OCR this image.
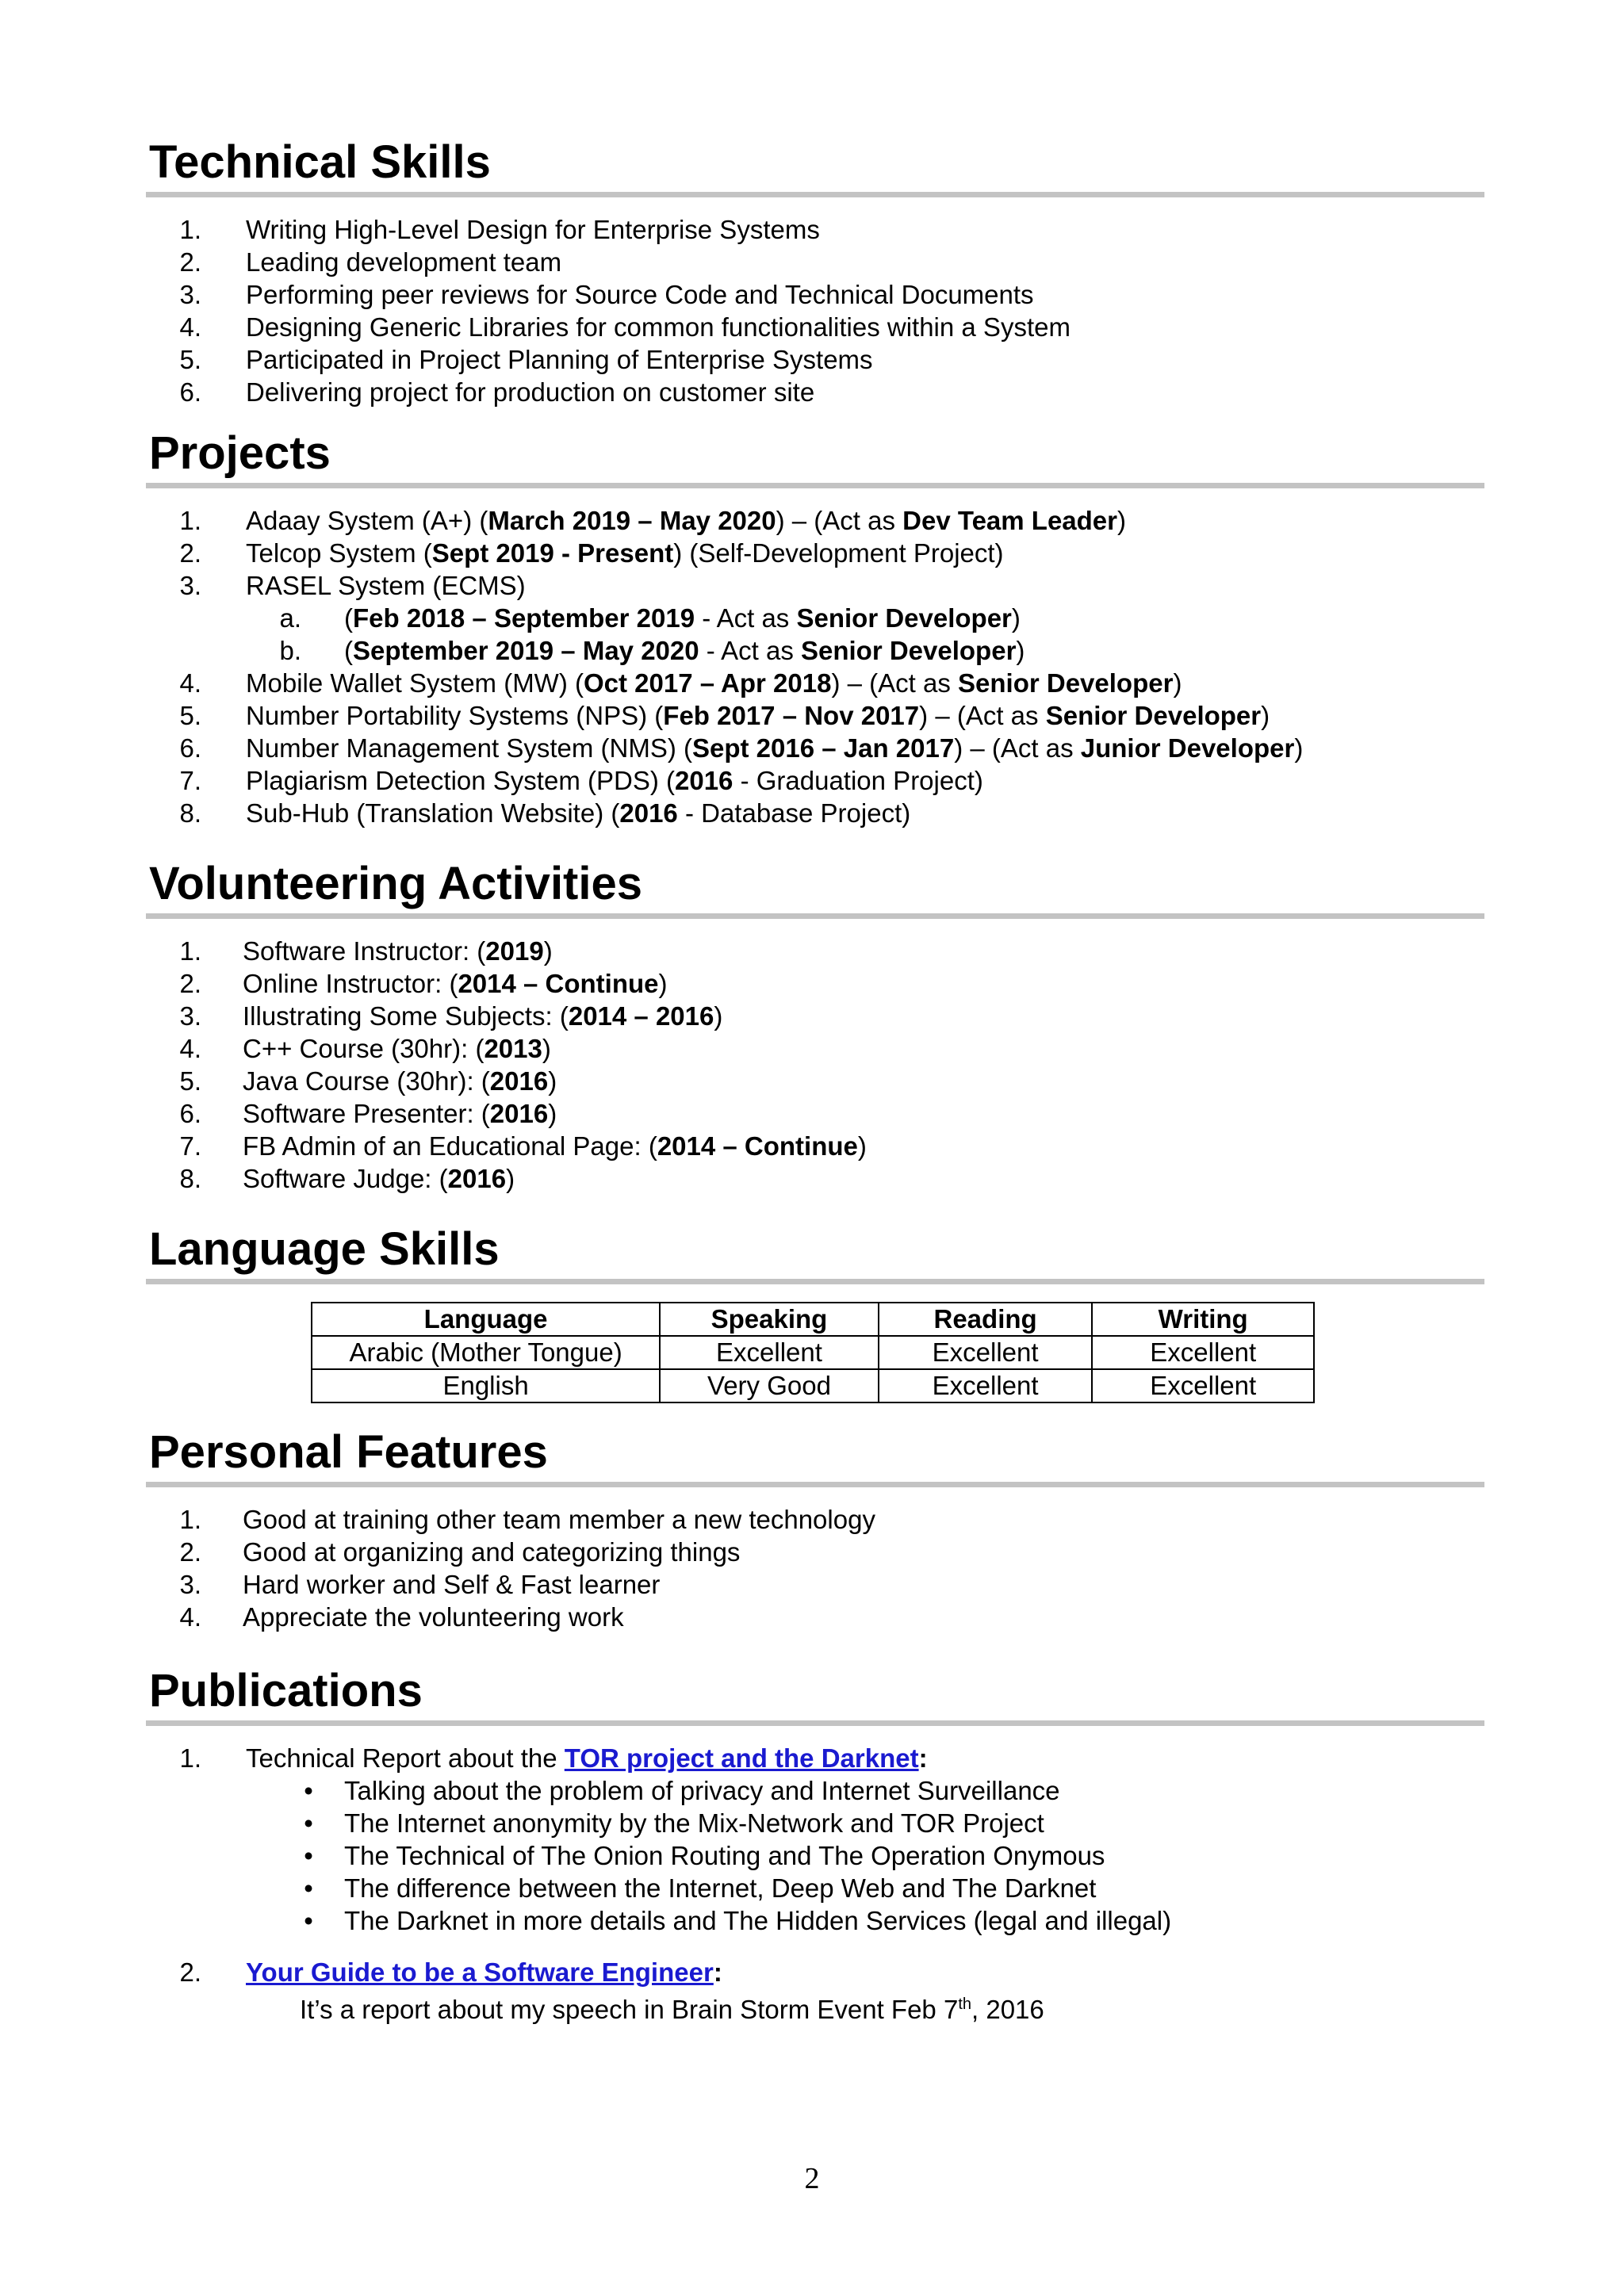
Technical Skills
1. Writing High-Level Design for Enterprise Systems
2. Leading development team
3. Performing peer reviews for Source Code and Technical Documents
4. Designing Generic Libraries for common functionalities within a System
5. Participated in Project Planning of Enterprise Systems
6. Delivering project for production on customer site
Projects
1. Adaay System (A+) (March 2019 – May 2020) – (Act as Dev Team Leader)
2. Telcop System (Sept 2019 - Present) (Self-Development Project)
3. RASEL System (ECMS)
a. (Feb 2018 – September 2019 - Act as Senior Developer)
b. (September 2019 – May 2020 - Act as Senior Developer)
4. Mobile Wallet System (MW) (Oct 2017 – Apr 2018) – (Act as Senior Developer)
5. Number Portability Systems (NPS) (Feb 2017 – Nov 2017) – (Act as Senior Developer)
6. Number Management System (NMS) (Sept 2016 – Jan 2017) – (Act as Junior Developer)
7. Plagiarism Detection System (PDS) (2016 - Graduation Project)
8. Sub-Hub (Translation Website) (2016 - Database Project)
Volunteering Activities
1. Software Instructor: (2019)
2. Online Instructor: (2014 – Continue)
3. Illustrating Some Subjects: (2014 – 2016)
4. C++ Course (30hr): (2013)
5. Java Course (30hr): (2016)
6. Software Presenter: (2016)
7. FB Admin of an Educational Page: (2014 – Continue)
8. Software Judge: (2016)
Language Skills
Language	Speaking	Reading	Writing
Arabic (Mother Tongue)	Excellent	Excellent	Excellent
English	Very Good	Excellent	Excellent
Personal Features
1. Good at training other team member a new technology
2. Good at organizing and categorizing things
3. Hard worker and Self & Fast learner
4. Appreciate the volunteering work
Publications
1. Technical Report about the TOR project and the Darknet:
• Talking about the problem of privacy and Internet Surveillance
• The Internet anonymity by the Mix-Network and TOR Project
• The Technical of The Onion Routing and The Operation Onymous
• The difference between the Internet, Deep Web and The Darknet
• The Darknet in more details and The Hidden Services (legal and illegal)
2. Your Guide to be a Software Engineer:
It’s a report about my speech in Brain Storm Event Feb 7th, 2016
2
